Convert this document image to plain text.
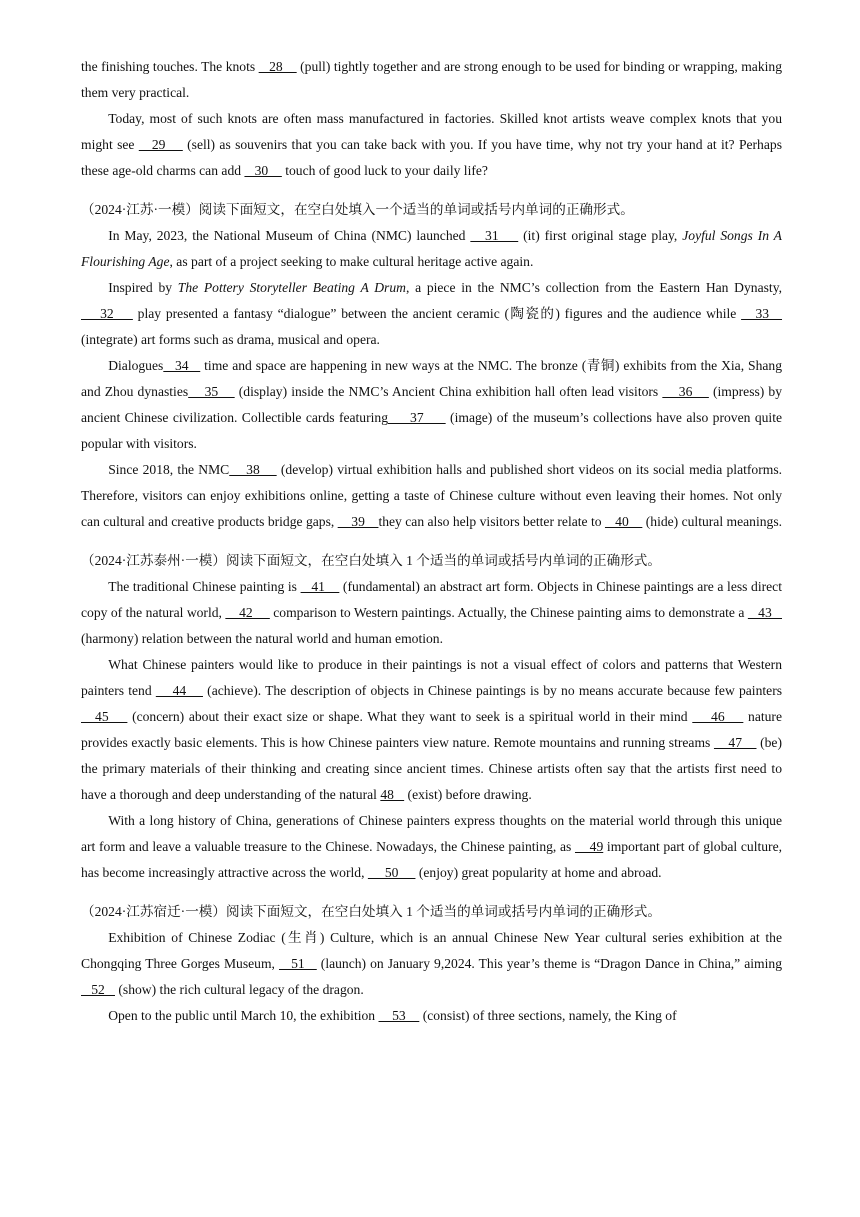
the finishing touches. The knots    28     (pull) tightly together and are strong enough to be used for binding or wrapping, making them very practical.

Today, most of such knots are often mass manufactured in factories. Skilled knot artists weave complex knots that you might see    29     (sell) as souvenirs that you can take back with you. If you have time, why not try your hand at it? Perhaps these age-old charms can add    30     touch of good luck to your daily life?

（2024·江苏·一模）阅读下面短文，在空白处填入一个适当的单词或括号内单词的正确形式。

In May, 2023, the National Museum of China (NMC) launched    31     (it) first original stage play, Joyful Songs In A Flourishing Age, as part of a project seeking to make cultural heritage active again.

Inspired by The Pottery Storyteller Beating A Drum, a piece in the NMC’s collection from the Eastern Han Dynasty,     32     play presented a fantasy “dialogue” between the ancient ceramic (陶瓷的) figures and the audience while    33    (integrate) art forms such as drama, musical and opera.

Dialogues   34    time and space are happening in new ways at the NMC. The bronze (青铜) exhibits from the Xia, Shang and Zhou dynasties    35     (display) inside the NMC’s Ancient China exhibition hall often lead visitors     36     (impress) by ancient Chinese civilization. Collectible cards featuring     37      (image) of the museum’s collections have also proven quite popular with visitors.

Since 2018, the NMC    38     (develop) virtual exhibition halls and published short videos on its social media platforms. Therefore, visitors can enjoy exhibitions online, getting a taste of Chinese culture without even leaving their homes. Not only can cultural and creative products bridge gaps,     39    they can also help visitors better relate to    40     (hide) cultural meanings.

（2024·江苏泰州·一模）阅读下面短文，在空白处填入 1 个适当的单词或括号内单词的正确形式。

The traditional Chinese painting is    41     (fundamental) an abstract art form. Objects in Chinese paintings are a less direct copy of the natural world,     42      comparison to Western paintings. Actually, the Chinese painting aims to demonstrate a    43    (harmony) relation between the natural world and human emotion.

What Chinese painters would like to produce in their paintings is not a visual effect of colors and patterns that Western painters tend     44     (achieve). The description of objects in Chinese paintings is by no means accurate because few painters    45     (concern) about their exact size or shape. What they want to seek is a spiritual world in their mind     46     nature provides exactly basic elements. This is how Chinese painters view nature. Remote mountains and running streams     47     (be) the primary materials of their thinking and creating since ancient times. Chinese artists often say that the artists first need to have a thorough and deep understanding of the natural 48    (exist) before drawing.

With a long history of China, generations of Chinese painters express thoughts on the material world through this unique art form and leave a valuable treasure to the Chinese. Nowadays, the Chinese painting, as     49 important part of global culture, has become increasingly attractive across the world,      50      (enjoy) great popularity at home and abroad.

（2024·江苏宿迁·一模）阅读下面短文，在空白处填入 1 个适当的单词或括号内单词的正确形式。

Exhibition of Chinese Zodiac (生肖) Culture, which is an annual Chinese New Year cultural series exhibition at the Chongqing Three Gorges Museum,    51    (launch) on January 9,2024. This year’s theme is “Dragon Dance in China,” aiming    52    (show) the rich cultural legacy of the dragon.

Open to the public until March 10, the exhibition     53     (consist) of three sections, namely, the King of
